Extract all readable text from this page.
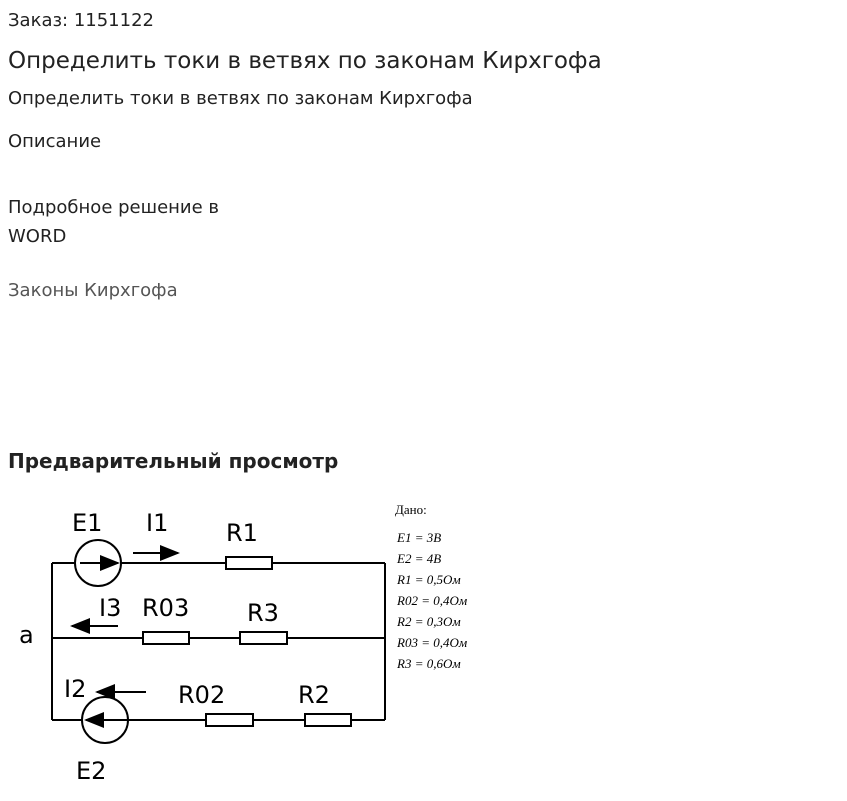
Заказ: 1151122
Определить токи в ветвях по законам Кирхгофа
Определить токи в ветвях по законам Кирхгофа
Описание
Подробное решение в WORD
Законы Кирхгофа
Предварительный просмотр
E1 I1 R1
I3 R03 R3
a
I2	R02	R2
E2
Дано:
E1 = 3B
E2 = 4B
R1 = 0,5Ом
R02 = 0,4Ом
R2 = 0,3Ом
R03 = 0,4Ом
R3 = 0,6Ом
